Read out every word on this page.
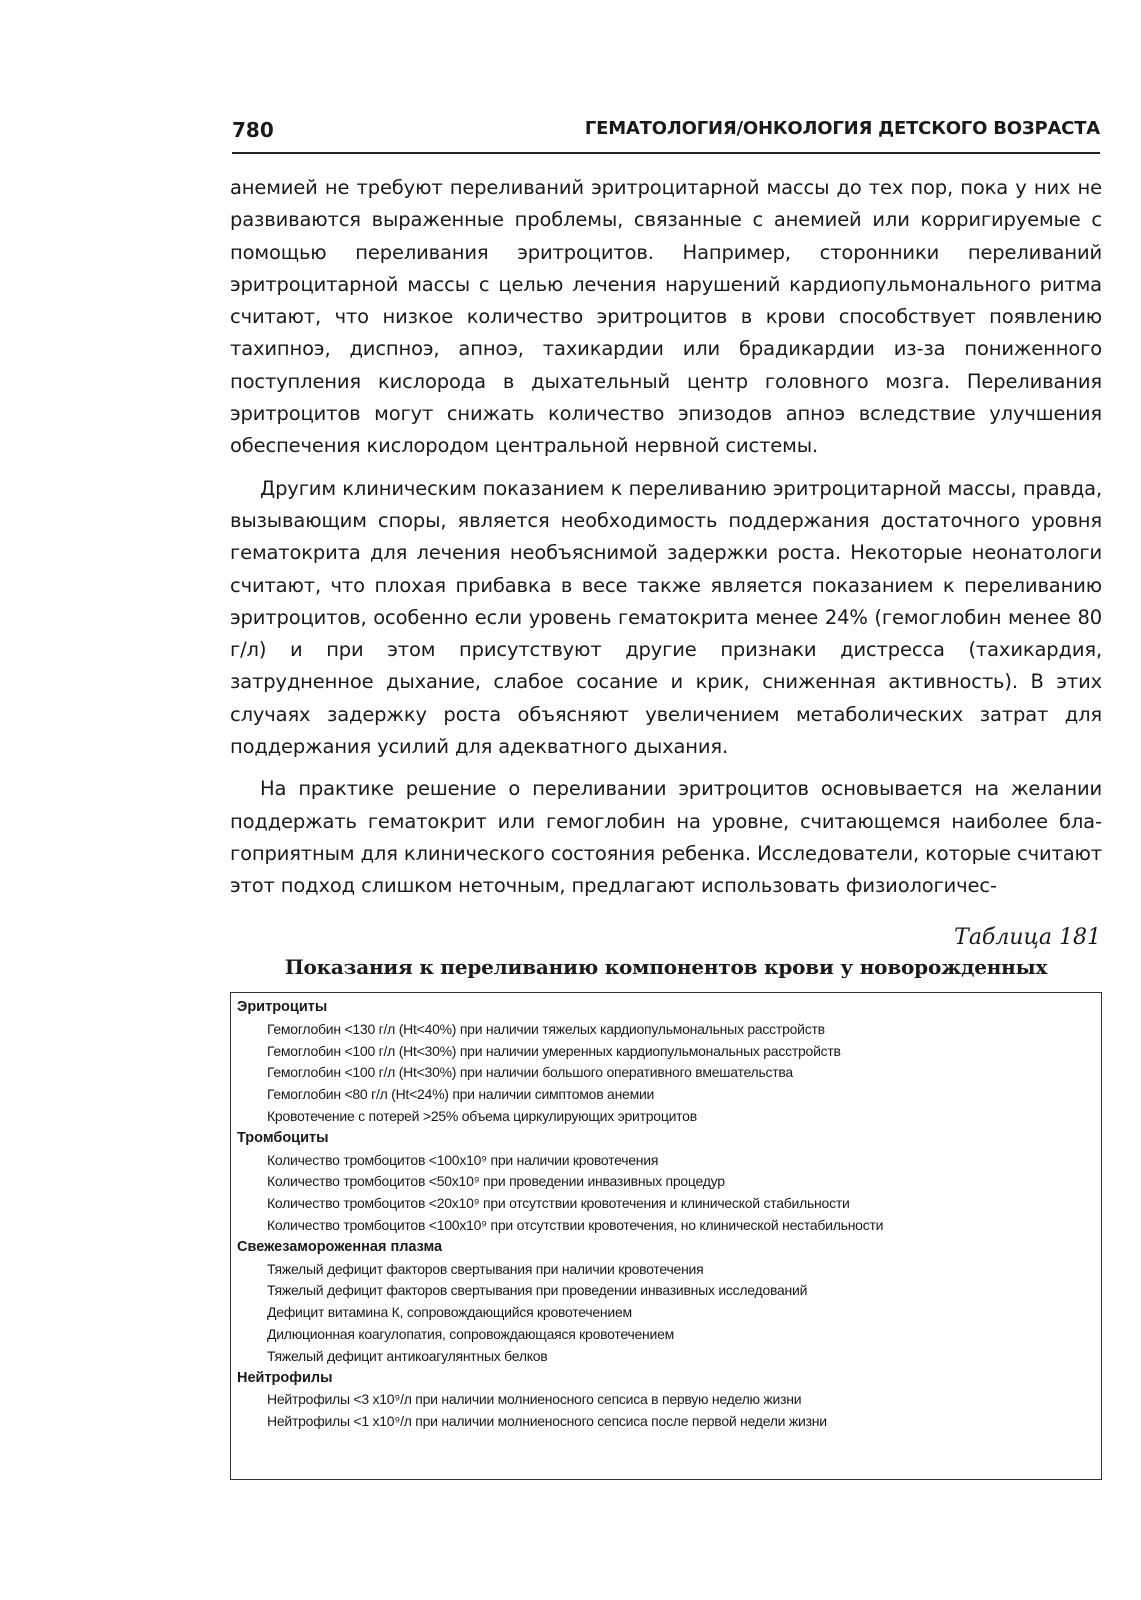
780	ГЕМАТОЛОГИЯ/ОНКОЛОГИЯ ДЕТСКОГО ВОЗРАСТА

анемией не требуют переливаний эритроцитарной массы до тех пор, пока у них не развиваются выраженные проблемы, связанные с анемией или корригируемые с помощью переливания эритроцитов. Например, сторонники переливаний эритроцитарной массы с целью лечения нарушений кардиопульмонального ритма считают, что низкое количество эритроцитов в крови способствует появлению тахипноэ, диспноэ, апноэ, тахикардии или брадикардии из-за пониженного поступления кислорода в дыхательный центр головного мозга. Переливания эритроцитов могут снижать количество эпизодов апноэ вследствие улучшения обеспечения кислородом центральной нервной системы.

Другим клиническим показанием к переливанию эритроцитарной массы, правда, вызывающим споры, является необходимость поддержания достаточного уровня гематокрита для лечения необъяснимой задержки роста. Некоторые неонатологи считают, что плохая прибавка в весе также является показанием к переливанию эритроцитов, особенно если уровень гематокрита менее 24% (гемоглобин менее 80 г/л) и при этом присутствуют другие признаки дистресса (тахикардия, затрудненное дыхание, слабое сосание и крик, сниженная активность). В этих случаях задержку роста объясняют увеличением метаболических затрат для поддержания усилий для адекватного дыхания.

На практике решение о переливании эритроцитов основывается на желании поддержать гематокрит или гемоглобин на уровне, считающемся наиболее благоприятным для клинического состояния ребенка. Исследователи, которые считают этот подход слишком неточным, предлагают использовать физиологичес-

Таблица 181
Показания к переливанию компонентов крови у новорожденных
Эритроциты
Гемоглобин <130 г/л (Ht<40%) при наличии тяжелых кардиопульмональных расстройств
Гемоглобин <100 г/л (Ht<30%) при наличии умеренных кардиопульмональных расстройств
Гемоглобин <100 г/л (Ht<30%) при наличии большого оперативного вмешательства
Гемоглобин <80 г/л (Ht<24%) при наличии симптомов анемии
Кровотечение с потерей >25% объема циркулирующих эритроцитов
Тромбоциты
Количество тромбоцитов <100x10⁹ при наличии кровотечения
Количество тромбоцитов <50x10⁹ при проведении инвазивных процедур
Количество тромбоцитов <20x10⁹ при отсутствии кровотечения и клинической стабильности
Количество тромбоцитов <100x10⁹ при отсутствии кровотечения, но клинической нестабильности
Свежезамороженная плазма
Тяжелый дефицит факторов свертывания при наличии кровотечения
Тяжелый дефицит факторов свертывания при проведении инвазивных исследований
Дефицит витамина К, сопровождающийся кровотечением
Дилюционная коагулопатия, сопровождающаяся кровотечением
Тяжелый дефицит антикоагулянтных белков
Нейтрофилы
Нейтрофилы <3 x10⁹/л при наличии молниеносного сепсиса в первую неделю жизни
Нейтрофилы <1 x10⁹/л при наличии молниеносного сепсиса после первой недели жизни
